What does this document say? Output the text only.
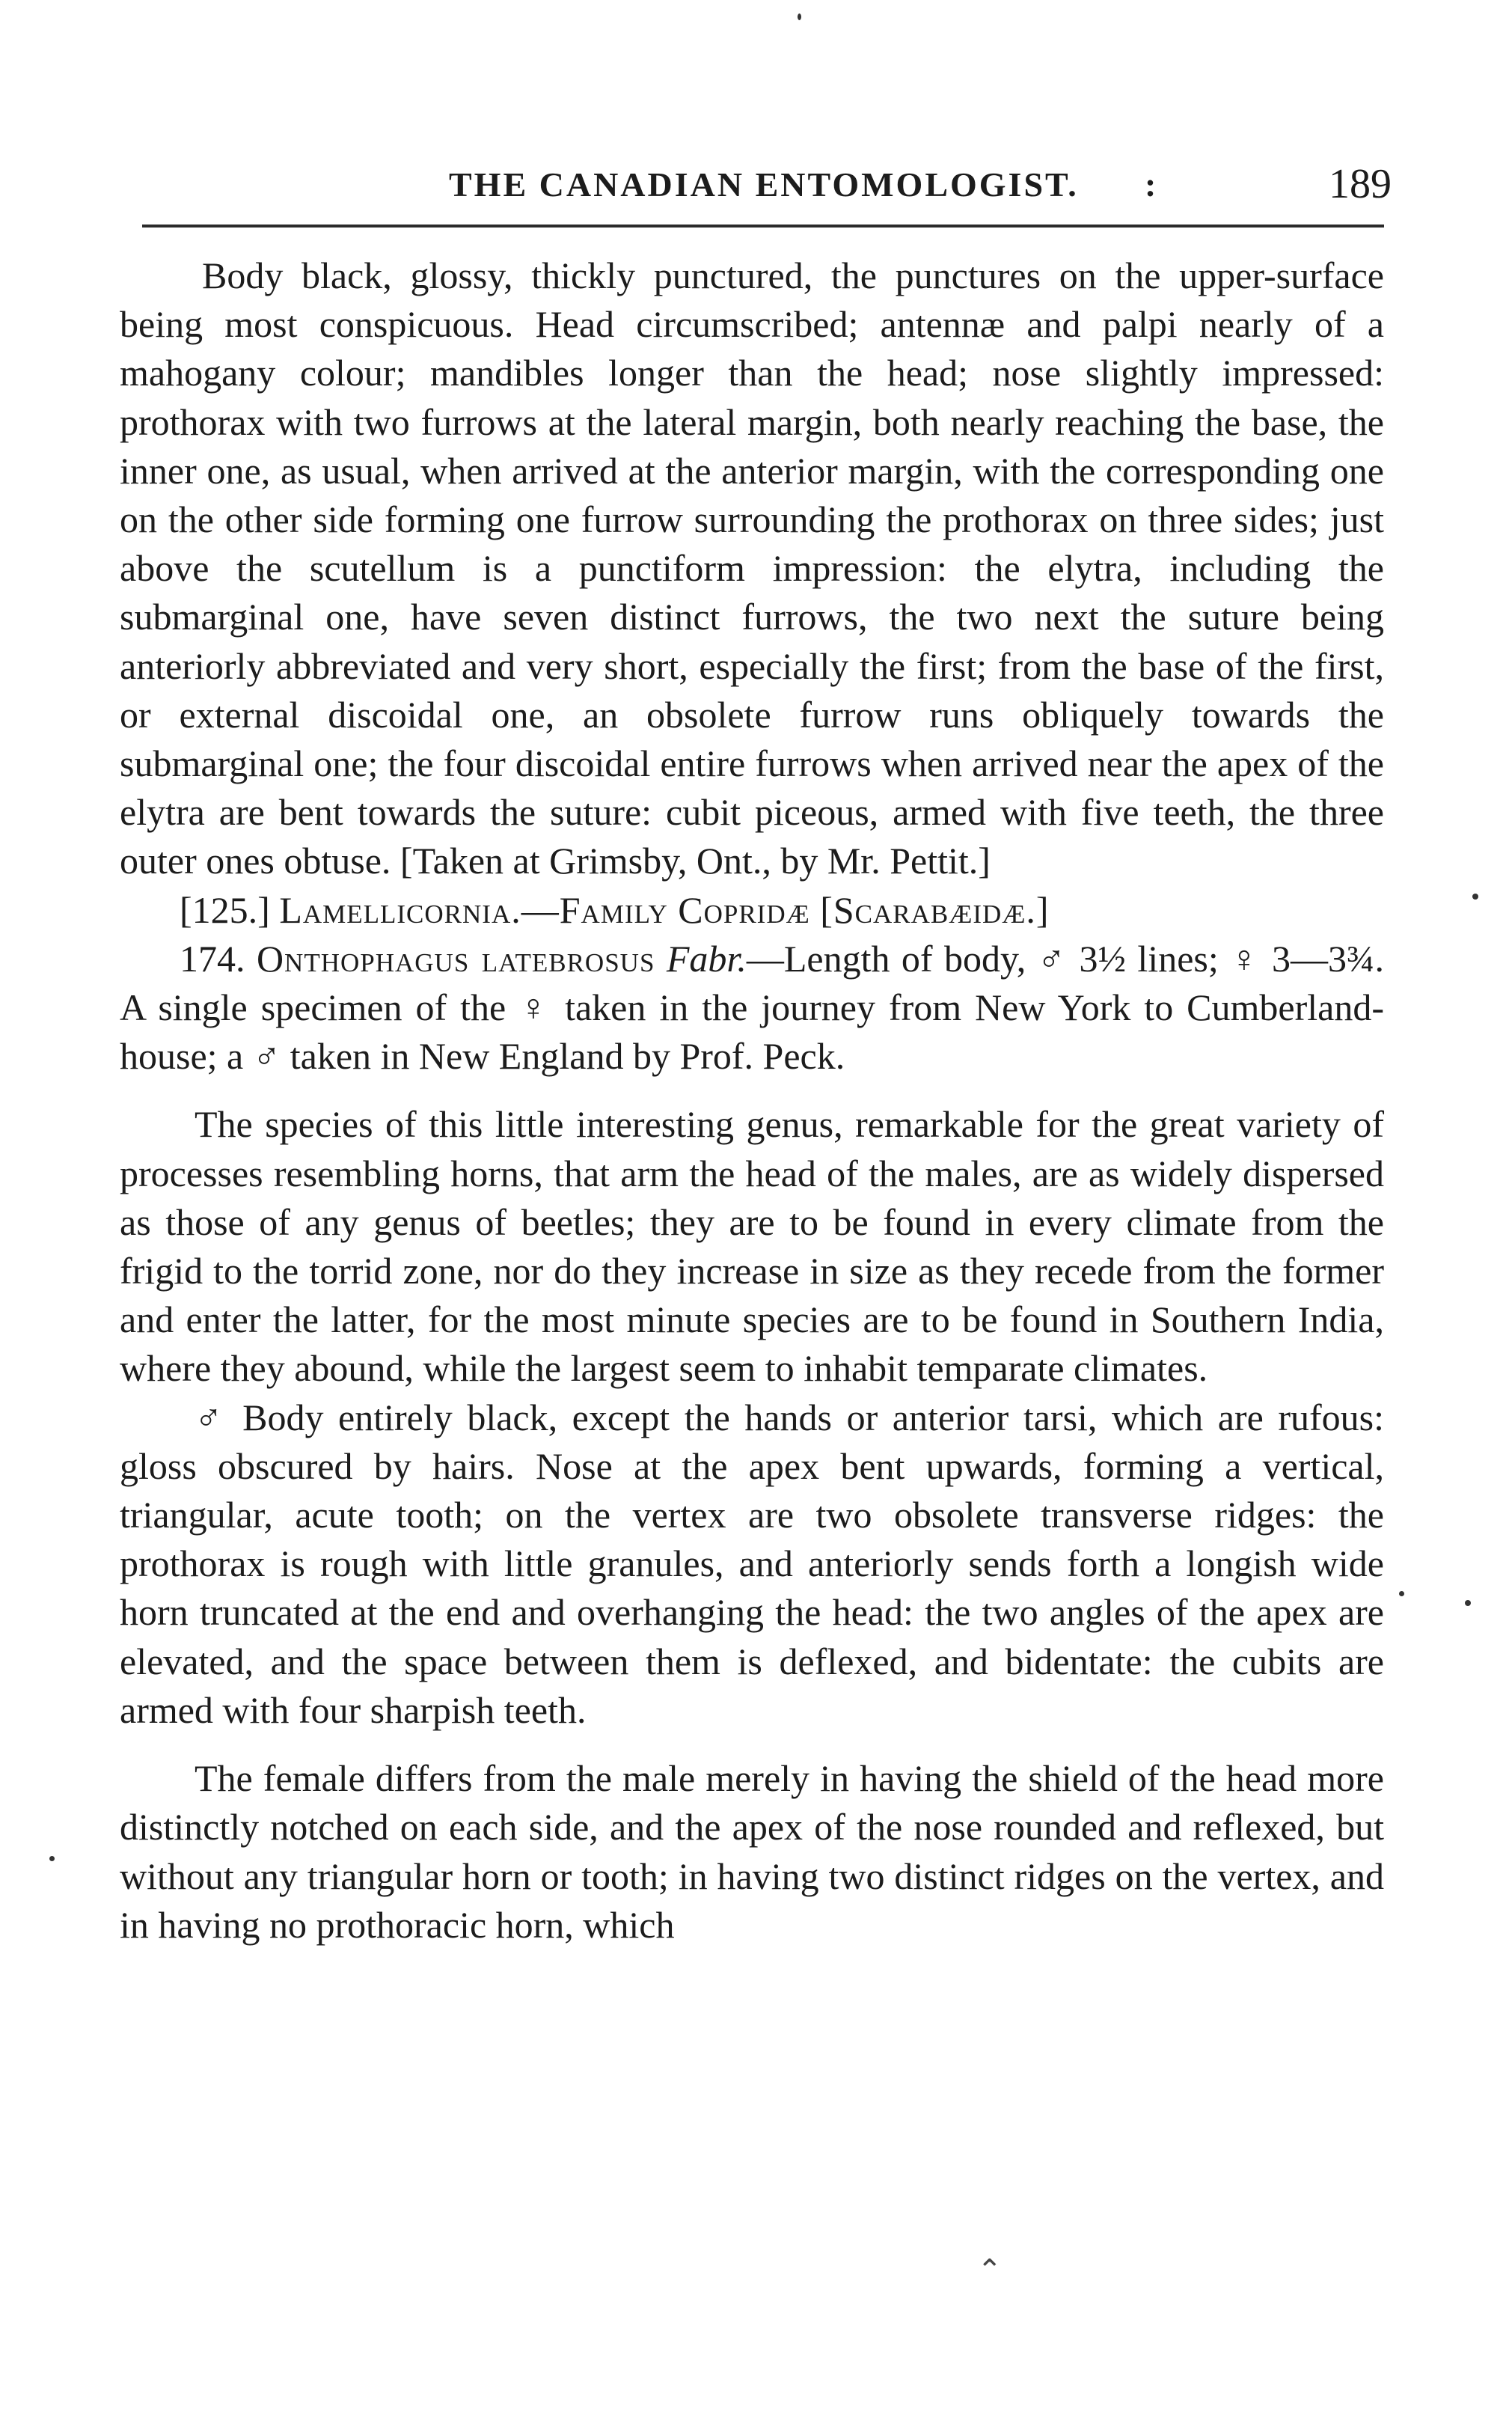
THE CANADIAN ENTOMOLOGIST. :	189

Body black, glossy, thickly punctured, the punctures on the upper-surface being most conspicuous. Head circumscribed; antennæ and palpi nearly of a mahogany colour; mandibles longer than the head; nose slightly impressed: prothorax with two furrows at the lateral margin, both nearly reaching the base, the inner one, as usual, when arrived at the anterior margin, with the corresponding one on the other side forming one furrow surrounding the prothorax on three sides; just above the scutellum is a punctiform impression: the elytra, including the submarginal one, have seven distinct furrows, the two next the suture being anteriorly abbreviated and very short, especially the first; from the base of the first, or external discoidal one, an obsolete furrow runs obliquely towards the submarginal one; the four discoidal entire furrows when arrived near the apex of the elytra are bent towards the suture: cubit piceous, armed with five teeth, the three outer ones obtuse. [Taken at Grimsby, Ont., by Mr. Pettit.]

[125.] Lamellicornia.—Family Copridæ [Scarabæidæ.]

174. Onthophagus latebrosus Fabr.—Length of body, ♂ 3½ lines; ♀ 3—3¾. A single specimen of the ♀ taken in the journey from New York to Cumberland-house; a ♂ taken in New England by Prof. Peck.

The species of this little interesting genus, remarkable for the great variety of processes resembling horns, that arm the head of the males, are as widely dispersed as those of any genus of beetles; they are to be found in every climate from the frigid to the torrid zone, nor do they increase in size as they recede from the former and enter the latter, for the most minute species are to be found in Southern India, where they abound, while the largest seem to inhabit temparate climates.

♂ Body entirely black, except the hands or anterior tarsi, which are rufous: gloss obscured by hairs. Nose at the apex bent upwards, forming a vertical, triangular, acute tooth; on the vertex are two obsolete transverse ridges: the prothorax is rough with little granules, and anteriorly sends forth a longish wide horn truncated at the end and overhanging the head: the two angles of the apex are elevated, and the space between them is deflexed, and bidentate: the cubits are armed with four sharpish teeth.

The female differs from the male merely in having the shield of the head more distinctly notched on each side, and the apex of the nose rounded and reflexed, but without any triangular horn or tooth; in having two distinct ridges on the vertex, and in having no prothoracic horn, which

⌃
